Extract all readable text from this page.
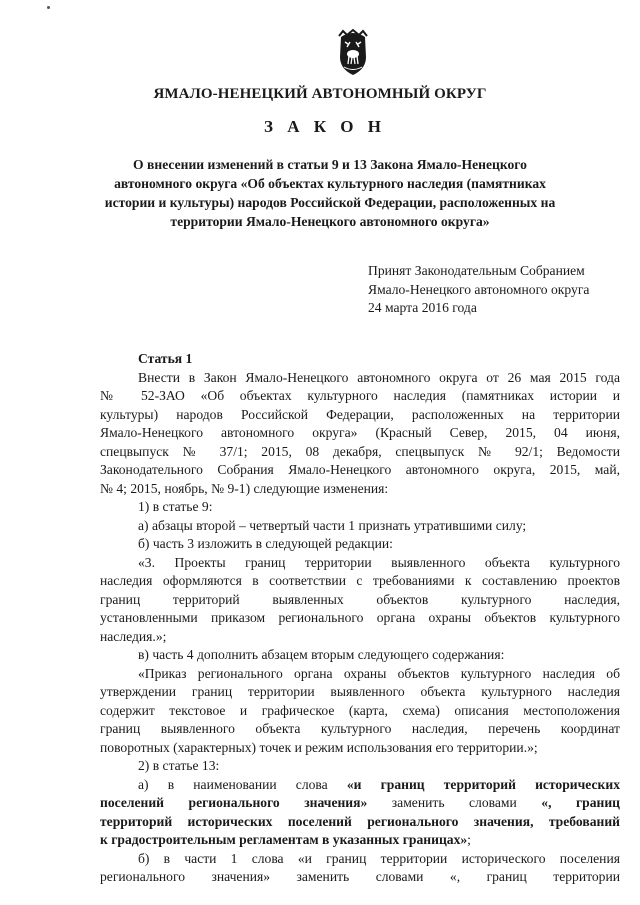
ЯМАЛО-НЕНЕЦКИЙ АВТОНОМНЫЙ ОКРУГ
З А К О Н
О внесении изменений в статьи 9 и 13 Закона Ямало-Ненецкого автономного округа «Об объектах культурного наследия (памятниках истории и культуры) народов Российской Федерации, расположенных на территории Ямало-Ненецкого автономного округа»
Принят Законодательным Собранием
Ямало-Ненецкого автономного округа
24 марта 2016 года

Статья 1

Внести в Закон Ямало-Ненецкого автономного округа от 26 мая 2015 года
№ 52-ЗАО «Об объектах культурного наследия (памятниках истории и
культуры) народов Российской Федерации, расположенных на территории
Ямало-Ненецкого автономного округа» (Красный Север, 2015, 04 июня,
спецвыпуск № 37/1; 2015, 08 декабря, спецвыпуск № 92/1; Ведомости
Законодательного Собрания Ямало-Ненецкого автономного округа, 2015, май,
№ 4; 2015, ноябрь, № 9-1) следующие изменения:

1) в статье 9:

а) абзацы второй – четвертый части 1 признать утратившими силу;

б) часть 3 изложить в следующей редакции:

«3. Проекты границ территории выявленного объекта культурного
наследия оформляются в соответствии с требованиями к составлению проектов
границ территорий выявленных объектов культурного наследия,
установленными приказом регионального органа охраны объектов культурного
наследия.»;

в) часть 4 дополнить абзацем вторым следующего содержания:

«Приказ регионального органа охраны объектов культурного наследия об
утверждении границ территории выявленного объекта культурного наследия
содержит текстовое и графическое (карта, схема) описания местоположения
границ выявленного объекта культурного наследия, перечень координат
поворотных (характерных) точек и режим использования его территории.»;

2) в статье 13:

а) в наименовании слова «и границ территорий исторических
поселений регионального значения» заменить словами «, границ
территорий исторических поселений регионального значения, требований
к градостроительным регламентам в указанных границах»;

б) в части 1 слова «и границ территории исторического поселения
регионального значения» заменить словами «, границ территории
